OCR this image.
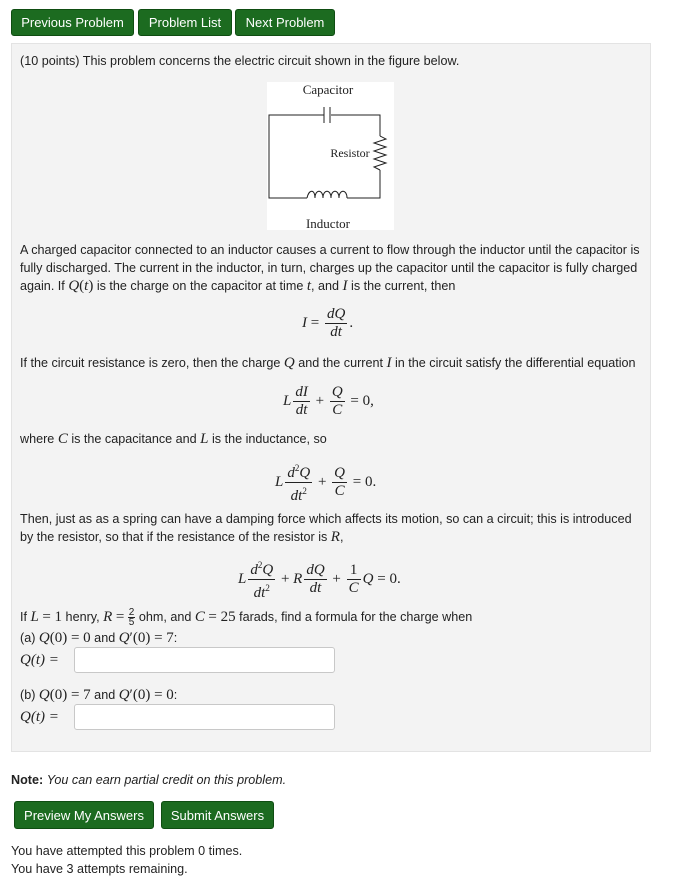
Previous Problem	Problem List	Next Problem
(10 points) This problem concerns the electric circuit shown in the figure below.
Capacitor
Resistor
Inductor
A charged capacitor connected to an inductor causes a current to flow through the inductor until the capacitor is
fully discharged. The current in the inductor, in turn, charges up the capacitor until the capacitor is fully charged
again. If Q(t) is the charge on the capacitor at time t, and I is the current, then
$I = \frac{dQ}{dt}$ .
If the circuit resistance is zero, then the charge Q and the current I in the circuit satisfy the differential equation
L $\frac{dI}{dt} + \frac{Q}{C} = 0$,
where C is the capacitance and L is the inductance, so
L $\frac{d^2Q}{dt^2} + \frac{Q}{C} = 0$.
Then, just as as a spring can have a damping force which affects its motion, so can a circuit; this is introduced
by the resistor, so that if the resistance of the resistor is R,
L $\frac{d^2Q}{dt^2} + R \frac{dQ}{dt} + \frac{1}{C}$ Q = 0.
If L = 1 henry, $R = \frac{2}{5}$ ohm, and C = 25 farads, find a formula for the charge when
(a) Q(0) = 0 and Q′(0) = 7:
Q(t) =
(b) Q(0) = 7 and Q′(0) = 0:
Q(t) =
Note: You can earn partial credit on this problem.
Preview My Answers	Submit Answers
You have attempted this problem 0 times.
You have 3 attempts remaining.
